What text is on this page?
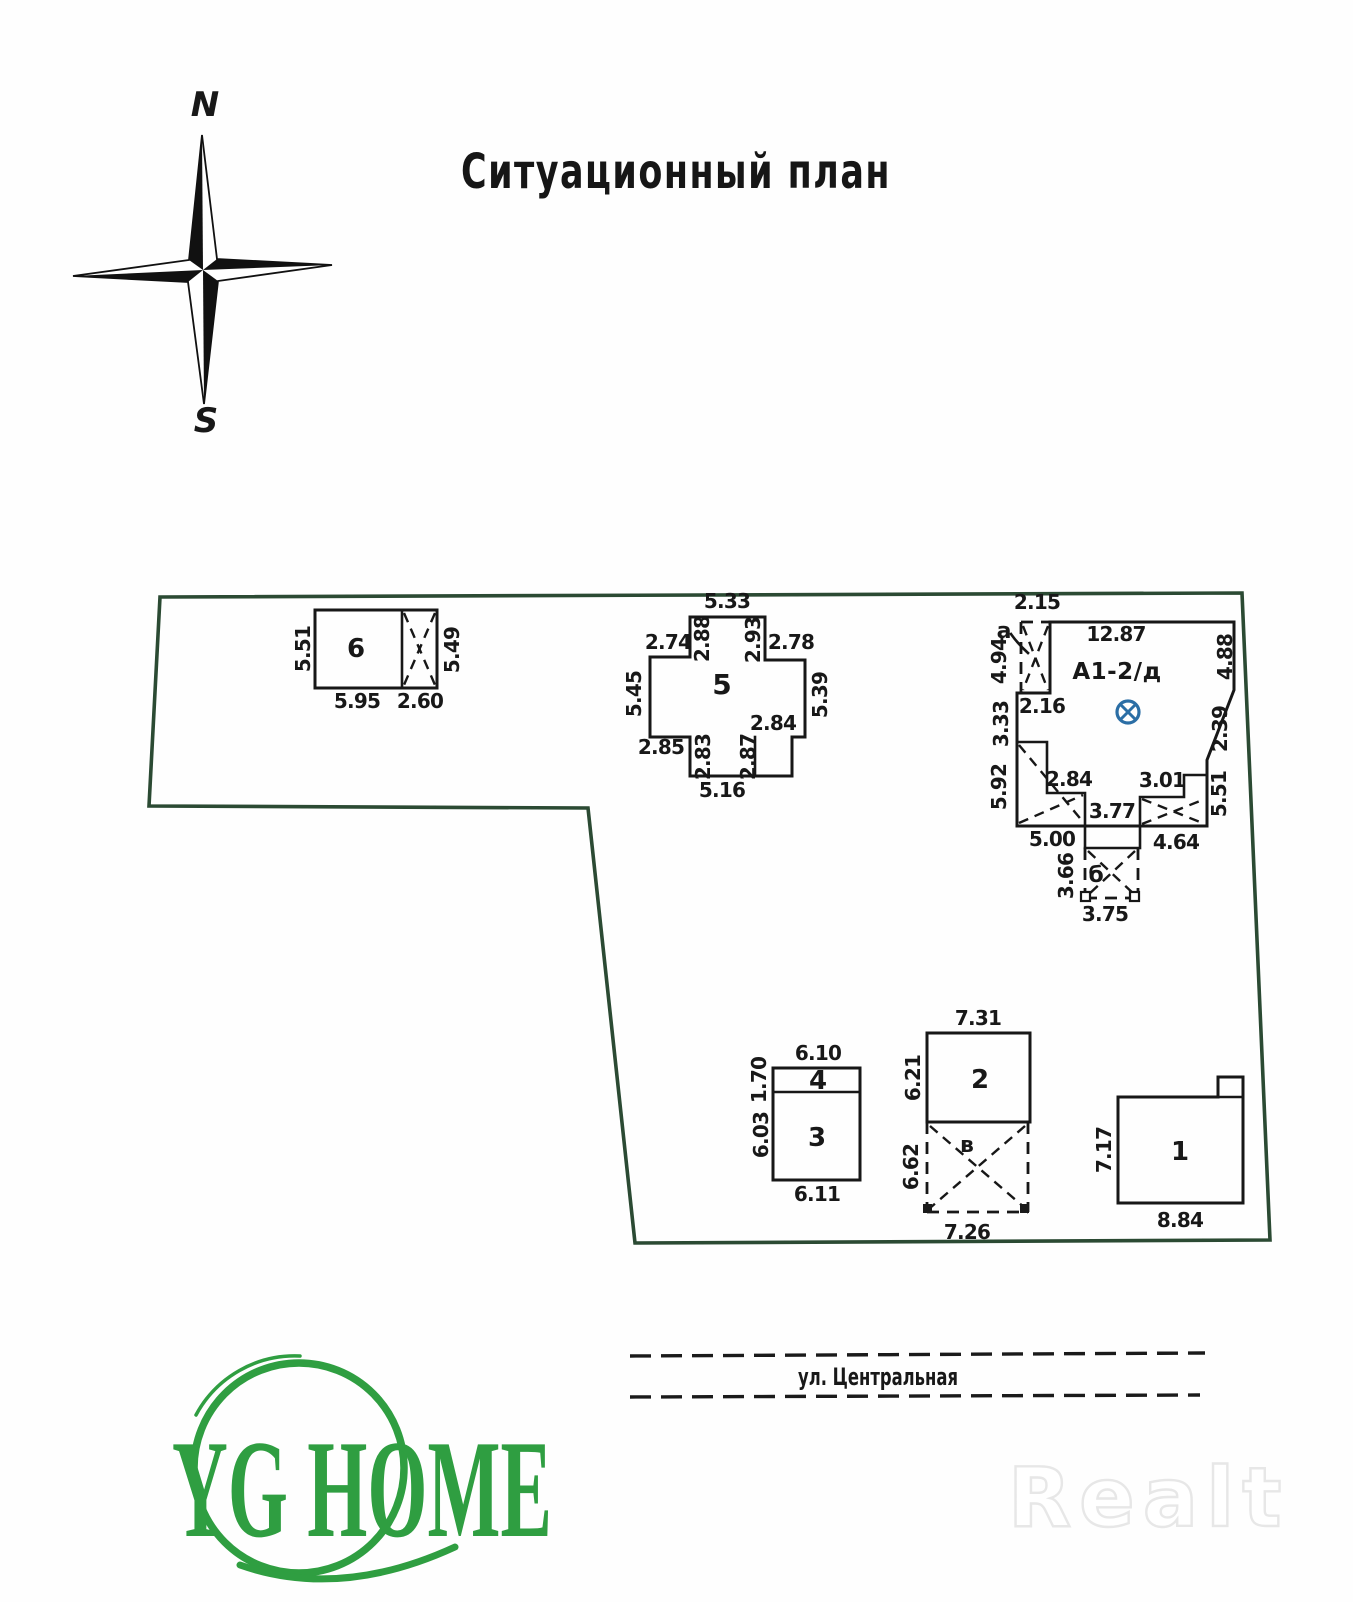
Ситуационный план
N
S
6
5.51	5.49
5.95 2.60	5
5.33
2.74
2.88 2.93 2.78
5.45	5.39
2.85 2.83 2.87
2.84
5.16
а
б
А1-2/д
2.15
4.94
2.16
12.87	4.88
2.39
5.51
3.33
5.92 2.84 3.01
3.77
5.00	4.64
3.66
3.75
2
7.31
6.21
в
6.62
7.26
4
3
6.10
1.70
6.03
6.11
1
7.17
8.84
ул. Центральная
YG HOME	Realt
